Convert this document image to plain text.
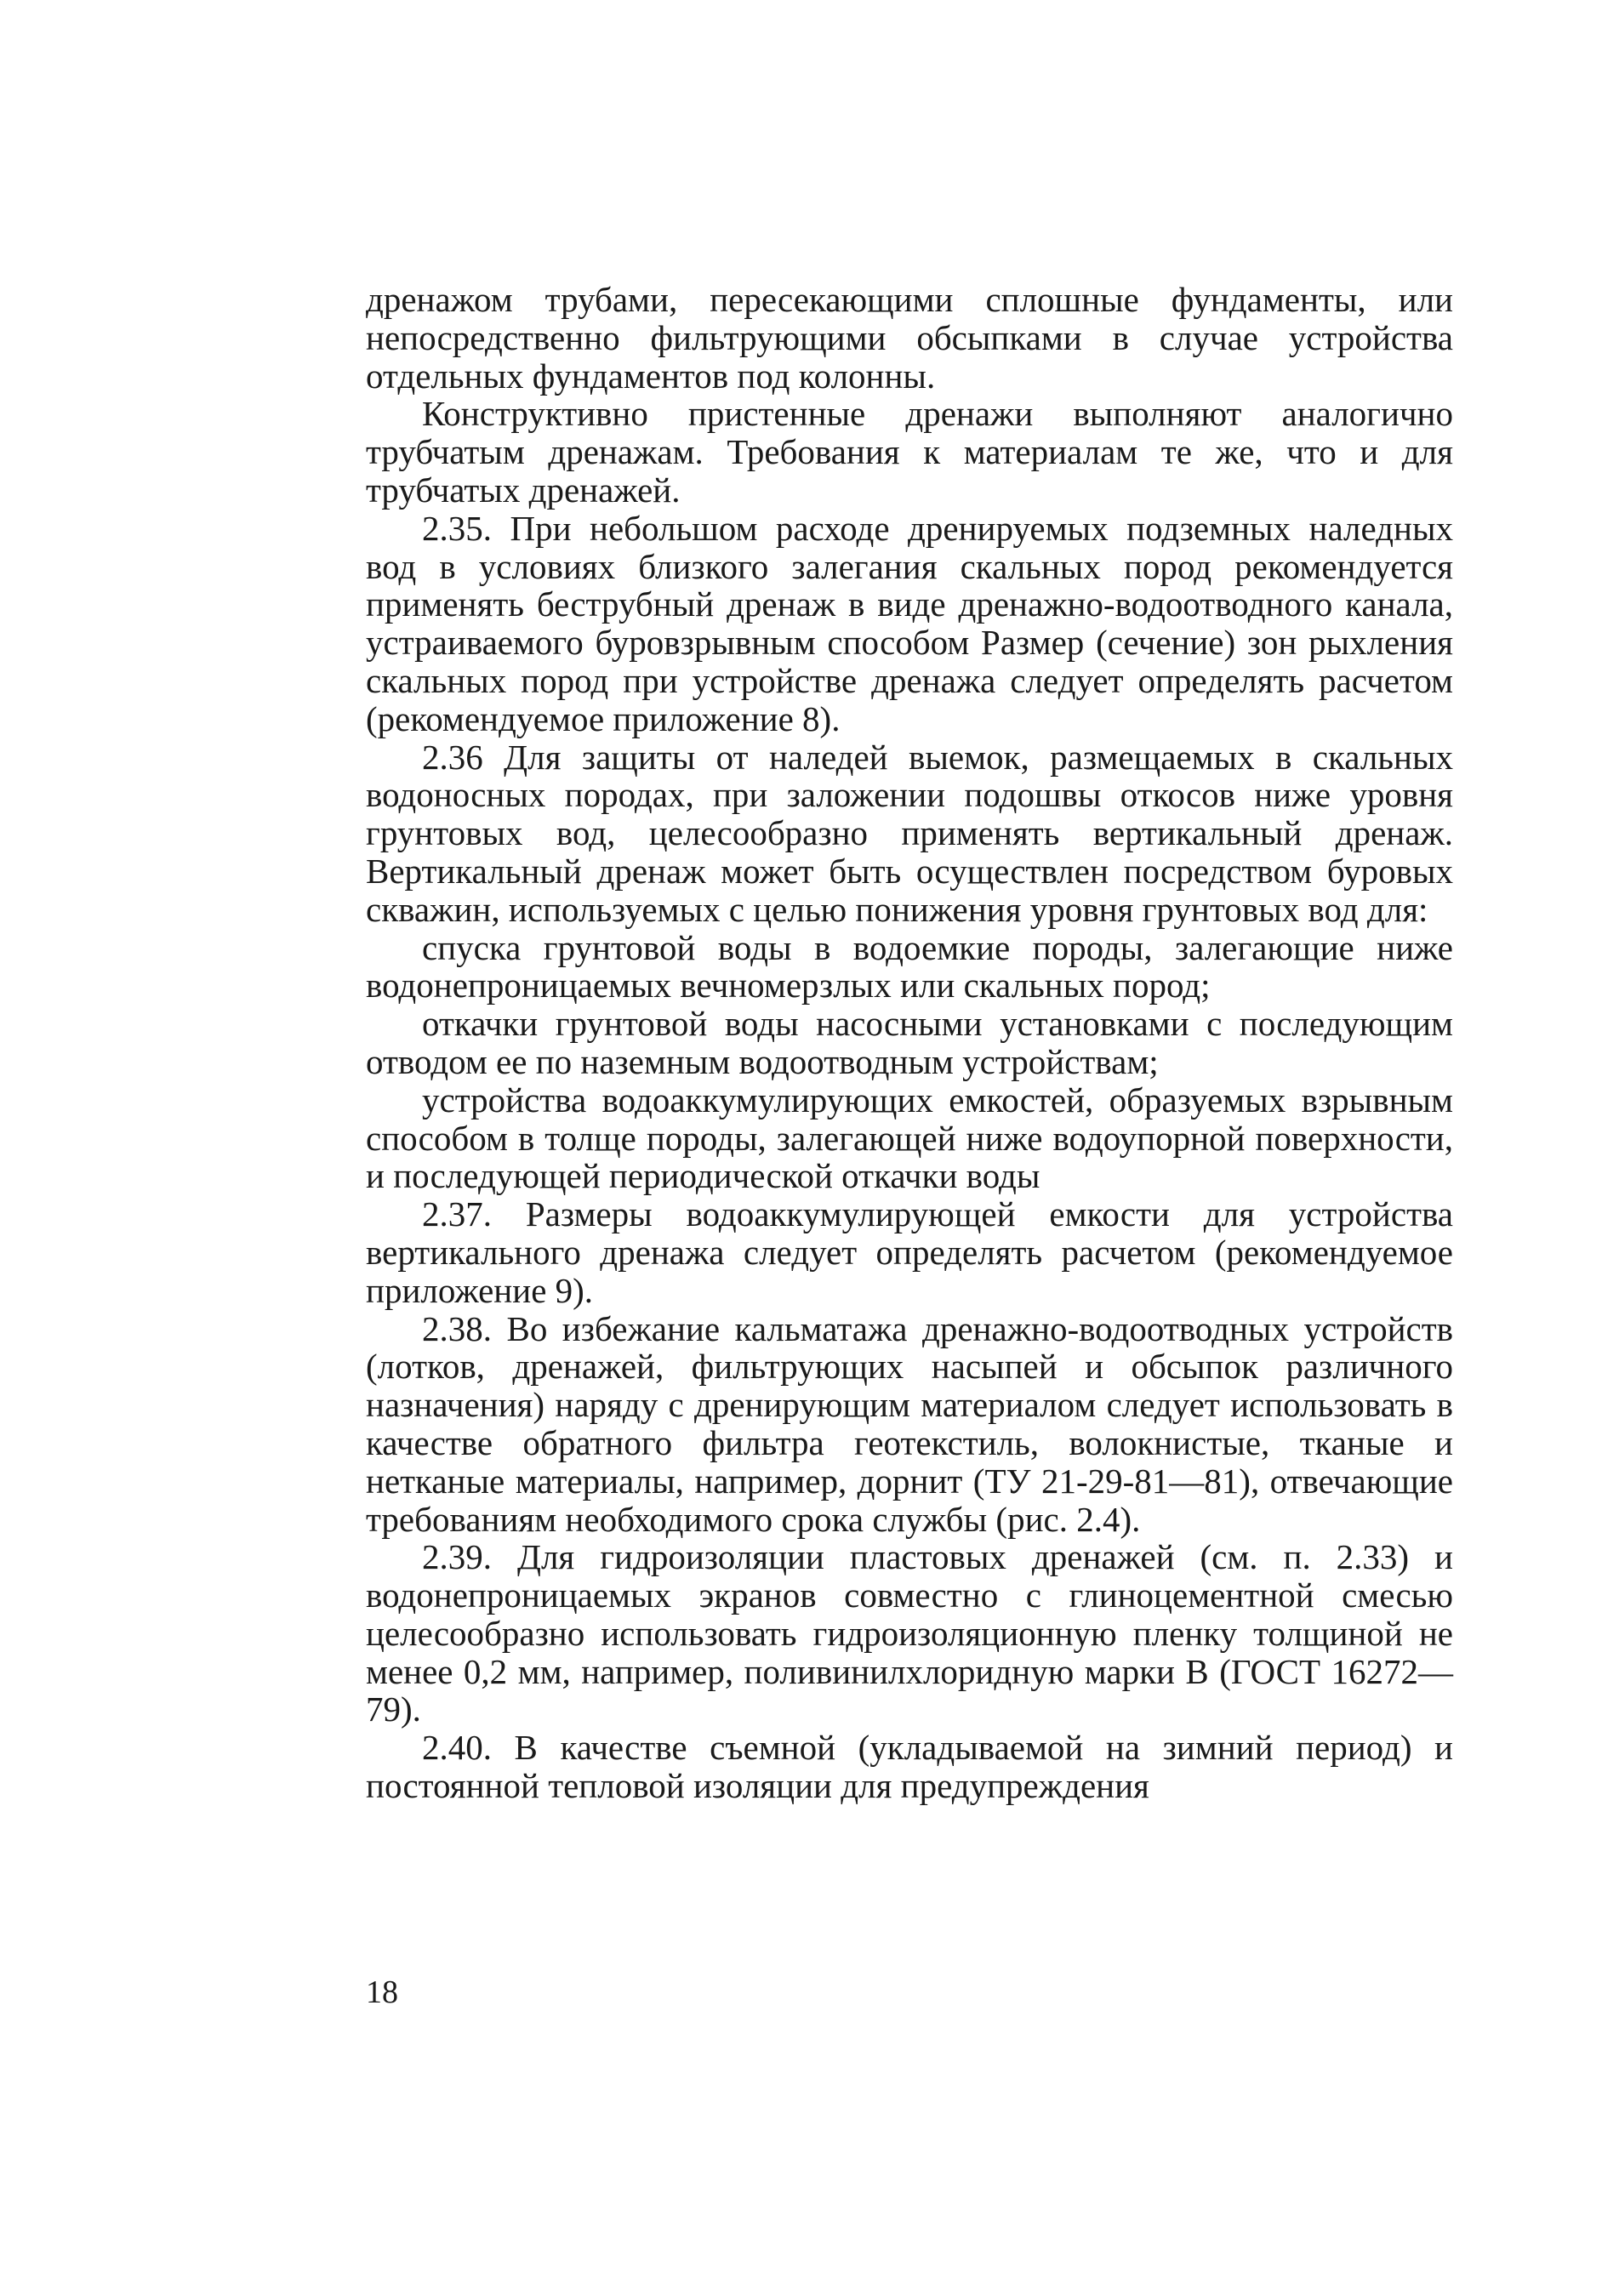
дренажом трубами, пересекающими сплошные фундаменты, или непосредственно фильтрующими обсыпками в случае устройства отдельных фундаментов под колонны.

Конструктивно пристенные дренажи выполняют аналогично трубчатым дренажам. Требования к материалам те же, что и для трубчатых дренажей.

2.35. При небольшом расходе дренируемых подземных наледных вод в условиях близкого залегания скальных пород рекомендуется применять беструбный дренаж в виде дренажно-водоотводного канала, устраиваемого буровзрывным способом Размер (сечение) зон рыхления скальных пород при устройстве дренажа следует определять расчетом (рекомендуемое приложение 8).

2.36 Для защиты от наледей выемок, размещаемых в скальных водоносных породах, при заложении подошвы откосов ниже уровня грунтовых вод, целесообразно применять вертикальный дренаж. Вертикальный дренаж может быть осуществлен посредством буровых скважин, используемых с целью понижения уровня грунтовых вод для:

спуска грунтовой воды в водоемкие породы, залегающие ниже водонепроницаемых вечномерзлых или скальных пород;

откачки грунтовой воды насосными установками с последующим отводом ее по наземным водоотводным устройствам;

устройства водоаккумулирующих емкостей, образуемых взрывным способом в толще породы, залегающей ниже водоупорной поверхности, и последующей периодической откачки воды

2.37. Размеры водоаккумулирующей емкости для устройства вертикального дренажа следует определять расчетом (рекомендуемое приложение 9).

2.38. Во избежание кальматажа дренажно-водоотводных устройств (лотков, дренажей, фильтрующих насыпей и обсыпок различного назначения) наряду с дренирующим материалом следует использовать в качестве обратного фильтра геотекстиль, волокнистые, тканые и нетканые материалы, например, дорнит (ТУ 21-29-81—81), отвечающие требованиям необходимого срока службы (рис. 2.4).

2.39. Для гидроизоляции пластовых дренажей (см. п. 2.33) и водонепроницаемых экранов совместно с глиноцементной смесью целесообразно использовать гидроизоляционную пленку толщиной не менее 0,2 мм, например, поливинилхлоридную марки В (ГОСТ 16272—79).

2.40. В качестве съемной (укладываемой на зимний период) и постоянной тепловой изоляции для предупреждения

18
